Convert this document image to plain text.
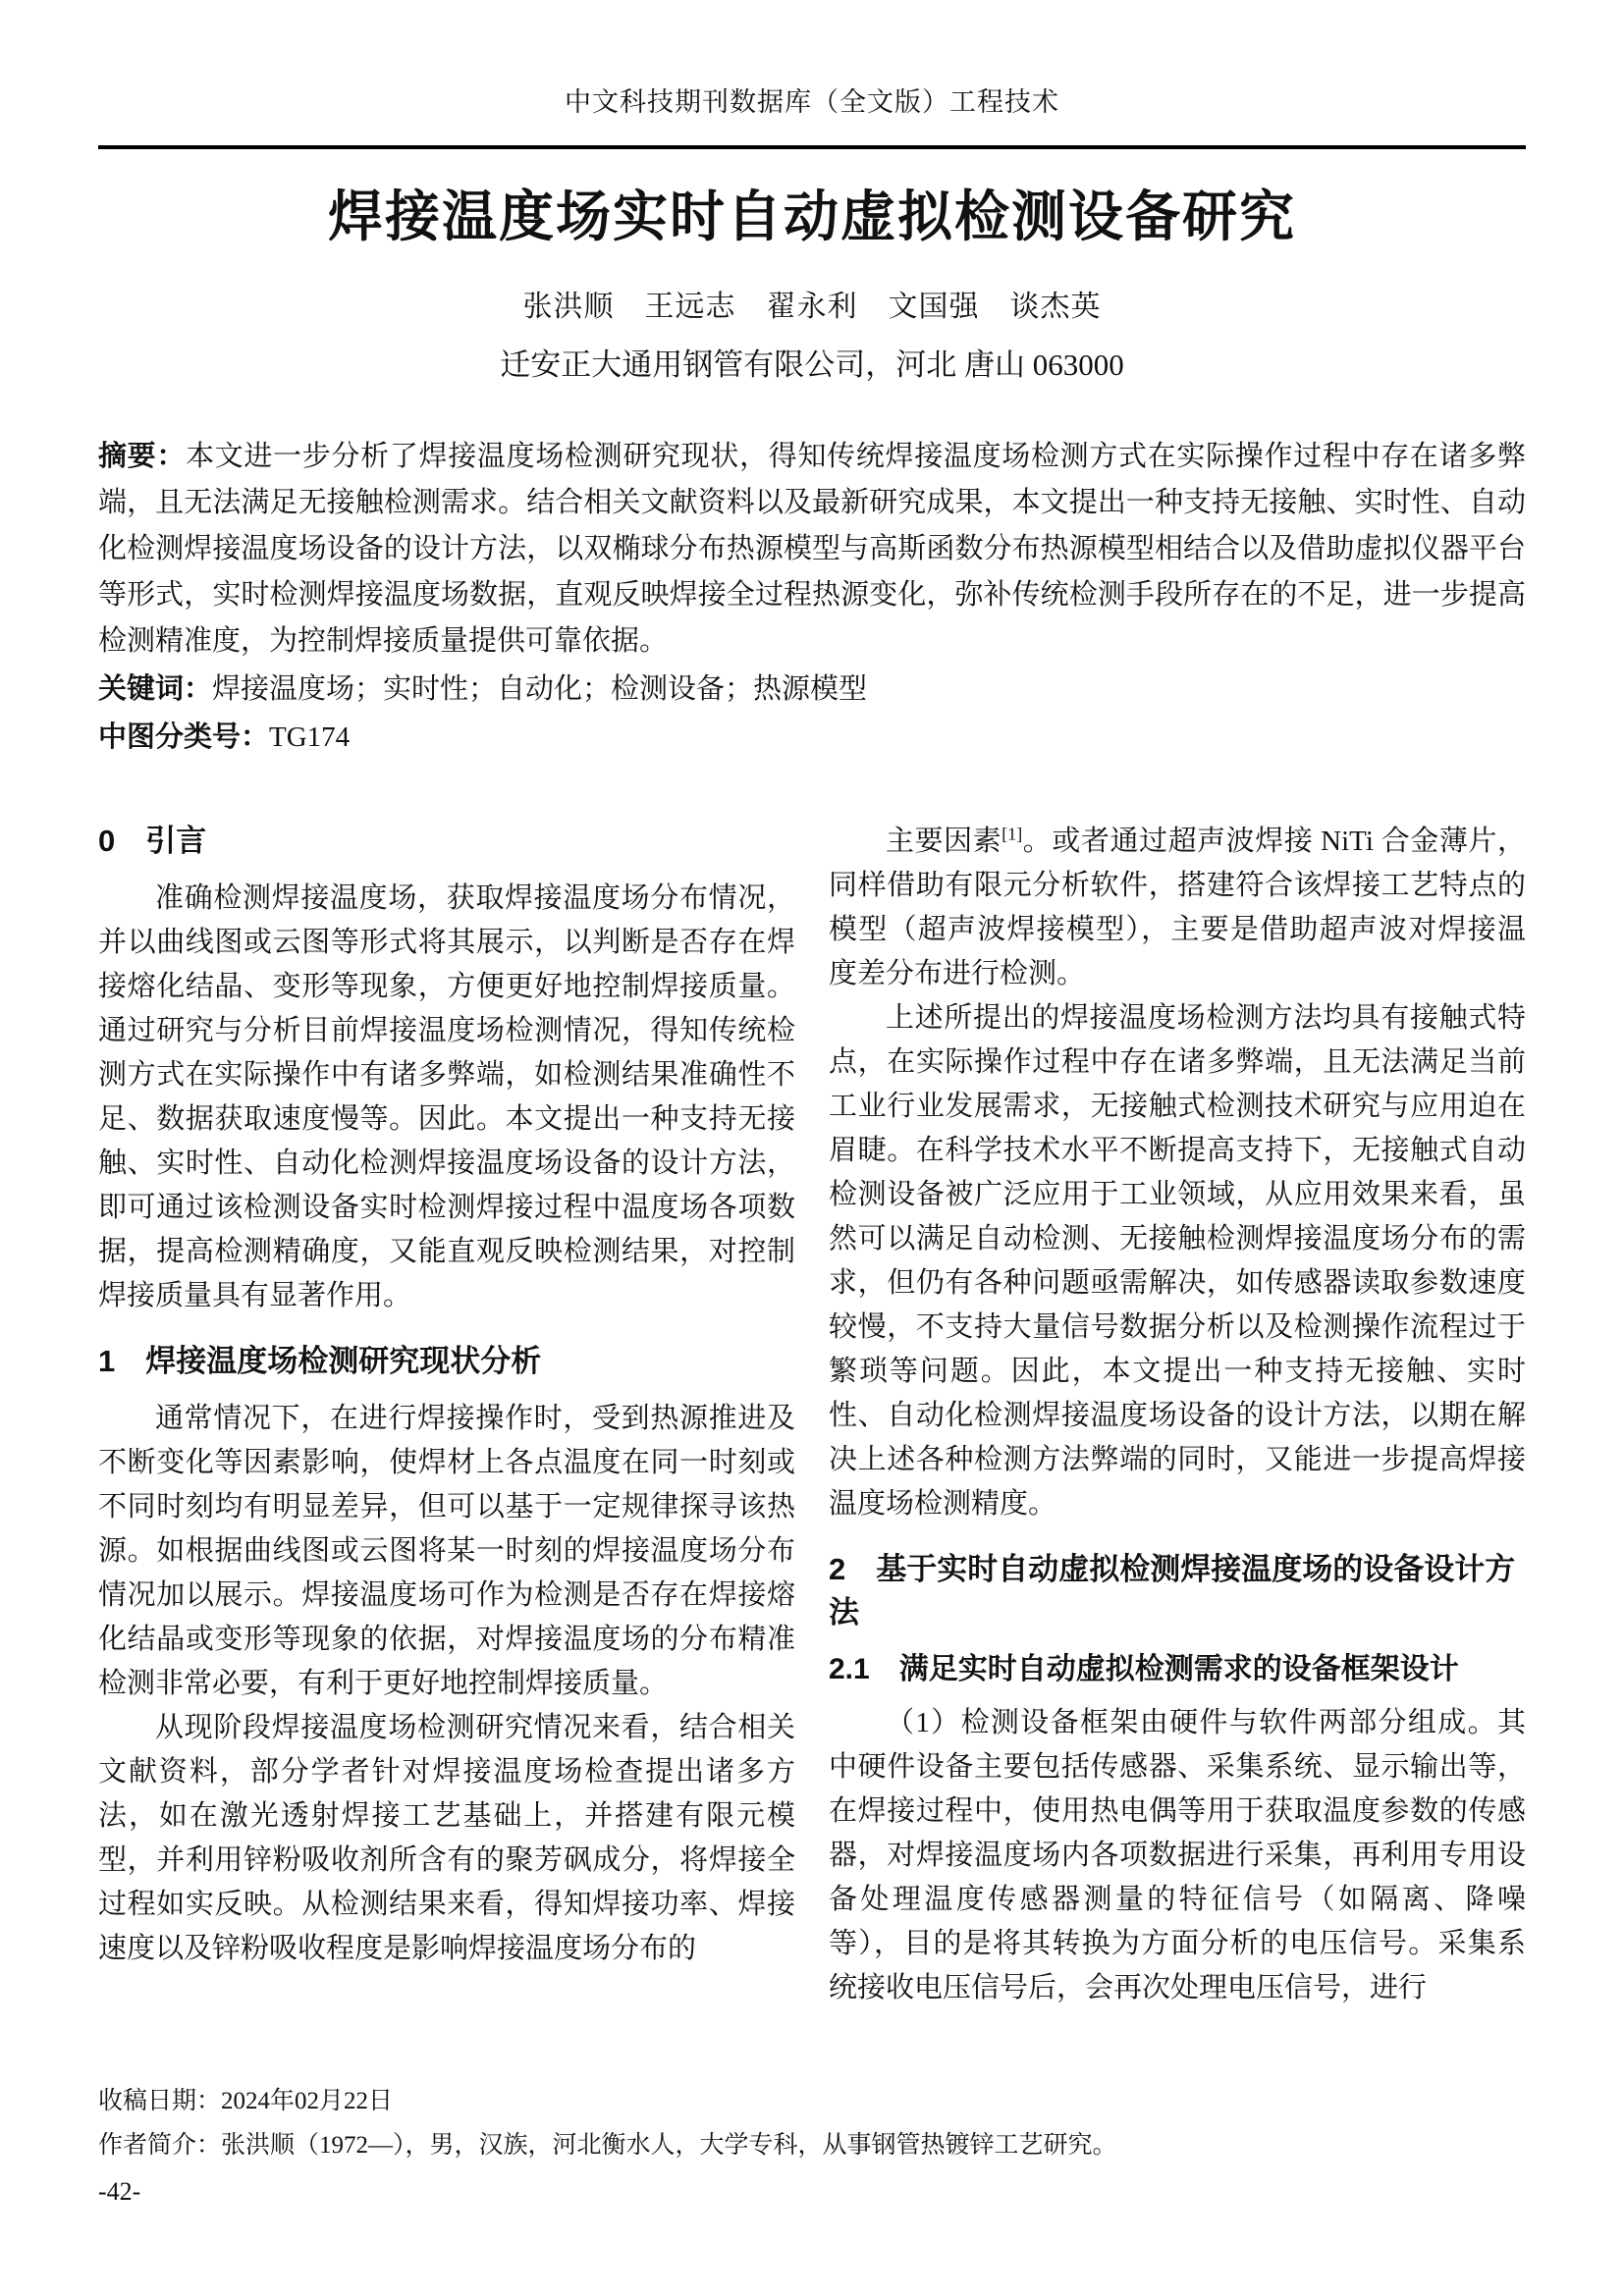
中文科技期刊数据库（全文版）工程技术
焊接温度场实时自动虚拟检测设备研究
张洪顺　王远志　翟永利　文国强　谈杰英
迁安正大通用钢管有限公司，河北 唐山 063000

摘要：本文进一步分析了焊接温度场检测研究现状，得知传统焊接温度场检测方式在实际操作过程中存在诸多弊端，且无法满足无接触检测需求。结合相关文献资料以及最新研究成果，本文提出一种支持无接触、实时性、自动化检测焊接温度场设备的设计方法，以双椭球分布热源模型与高斯函数分布热源模型相结合以及借助虚拟仪器平台等形式，实时检测焊接温度场数据，直观反映焊接全过程热源变化，弥补传统检测手段所存在的不足，进一步提高检测精准度，为控制焊接质量提供可靠依据。

关键词：焊接温度场；实时性；自动化；检测设备；热源模型

中图分类号：TG174

0　引言

准确检测焊接温度场，获取焊接温度场分布情况，并以曲线图或云图等形式将其展示，以判断是否存在焊接熔化结晶、变形等现象，方便更好地控制焊接质量。通过研究与分析目前焊接温度场检测情况，得知传统检测方式在实际操作中有诸多弊端，如检测结果准确性不足、数据获取速度慢等。因此。本文提出一种支持无接触、实时性、自动化检测焊接温度场设备的设计方法，即可通过该检测设备实时检测焊接过程中温度场各项数据，提高检测精确度，又能直观反映检测结果，对控制焊接质量具有显著作用。

1　焊接温度场检测研究现状分析

通常情况下，在进行焊接操作时，受到热源推进及不断变化等因素影响，使焊材上各点温度在同一时刻或不同时刻均有明显差异，但可以基于一定规律探寻该热源。如根据曲线图或云图将某一时刻的焊接温度场分布情况加以展示。焊接温度场可作为检测是否存在焊接熔化结晶或变形等现象的依据，对焊接温度场的分布精准检测非常必要，有利于更好地控制焊接质量。

从现阶段焊接温度场检测研究情况来看，结合相关文献资料，部分学者针对焊接温度场检查提出诸多方法，如在激光透射焊接工艺基础上，并搭建有限元模型，并利用锌粉吸收剂所含有的聚芳砜成分，将焊接全过程如实反映。从检测结果来看，得知焊接功率、焊接速度以及锌粉吸收程度是影响焊接温度场分布的

主要因素[1]。或者通过超声波焊接 NiTi 合金薄片，同样借助有限元分析软件，搭建符合该焊接工艺特点的模型（超声波焊接模型），主要是借助超声波对焊接温度差分布进行检测。

上述所提出的焊接温度场检测方法均具有接触式特点，在实际操作过程中存在诸多弊端，且无法满足当前工业行业发展需求，无接触式检测技术研究与应用迫在眉睫。在科学技术水平不断提高支持下，无接触式自动检测设备被广泛应用于工业领域，从应用效果来看，虽然可以满足自动检测、无接触检测焊接温度场分布的需求，但仍有各种问题亟需解决，如传感器读取参数速度较慢，不支持大量信号数据分析以及检测操作流程过于繁琐等问题。因此，本文提出一种支持无接触、实时性、自动化检测焊接温度场设备的设计方法，以期在解决上述各种检测方法弊端的同时，又能进一步提高焊接温度场检测精度。

2　基于实时自动虚拟检测焊接温度场的设备设计方法
2.1　满足实时自动虚拟检测需求的设备框架设计

（1）检测设备框架由硬件与软件两部分组成。其中硬件设备主要包括传感器、采集系统、显示输出等，在焊接过程中，使用热电偶等用于获取温度参数的传感器，对焊接温度场内各项数据进行采集，再利用专用设备处理温度传感器测量的特征信号（如隔离、降噪等），目的是将其转换为方面分析的电压信号。采集系统接收电压信号后，会再次处理电压信号，进行

收稿日期：2024年02月22日
作者简介：张洪顺（1972—），男，汉族，河北衡水人，大学专科，从事钢管热镀锌工艺研究。
-42-
